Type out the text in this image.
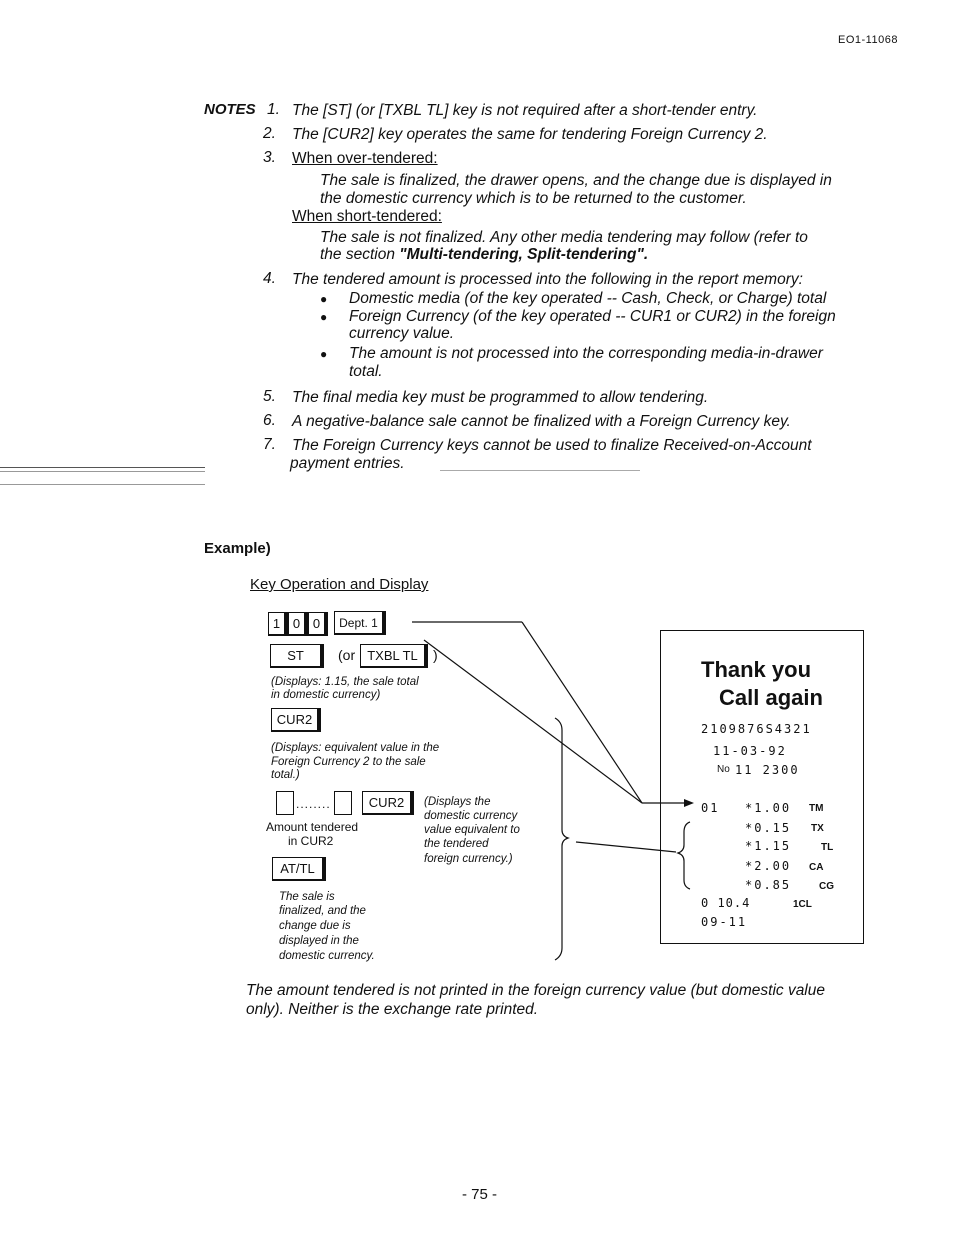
EO1-11068
NOTES 1. The [ST] (or [TXBL TL] key is not required after a short-tender entry.
2. The [CUR2] key operates the same for tendering Foreign Currency 2.
3. When over-tendered:
The sale is finalized, the drawer opens, and the change due is displayed in
the domestic currency which is to be returned to the customer.
When short-tendered:
The sale is not finalized. Any other media tendering may follow (refer to
the section "Multi-tendering, Split-tendering".
4. The tendered amount is processed into the following in the report memory:
● Domestic media (of the key operated -- Cash, Check, or Charge) total
● Foreign Currency (of the key operated -- CUR1 or CUR2) in the foreign
currency value.
● The amount is not processed into the corresponding media-in-drawer
total.
5. The final media key must be programmed to allow tendering.
6. A negative-balance sale cannot be finalized with a Foreign Currency key.
7. The Foreign Currency keys cannot be used to finalize Received-on-Account
payment entries.
Example)
Key Operation and Display
1 0 0	Dept. 1
ST	(or TXBL TL	)
(Displays: 1.15, the sale total
in domestic currency)
CUR2
(Displays: equivalent value in the
Foreign Currency 2 to the sale
total.)
........	CUR2	(Displays the
domestic currency
value equivalent to
the tendered
foreign currency.)
Amount tendered
in CUR2
AT/TL
The sale is
finalized, and the
change due is
displayed in the
domestic currency.
Thank you
Call again
2109876S4321
11-03-92
No 11 2300
01 *1.00 TM
*0.15 TX
*1.15	TL
*2.00 CA
*0.85	CG
0 10.4	1CL
09-11
The amount tendered is not printed in the foreign currency value (but domestic value only). Neither is the exchange rate printed.
- 75 -
